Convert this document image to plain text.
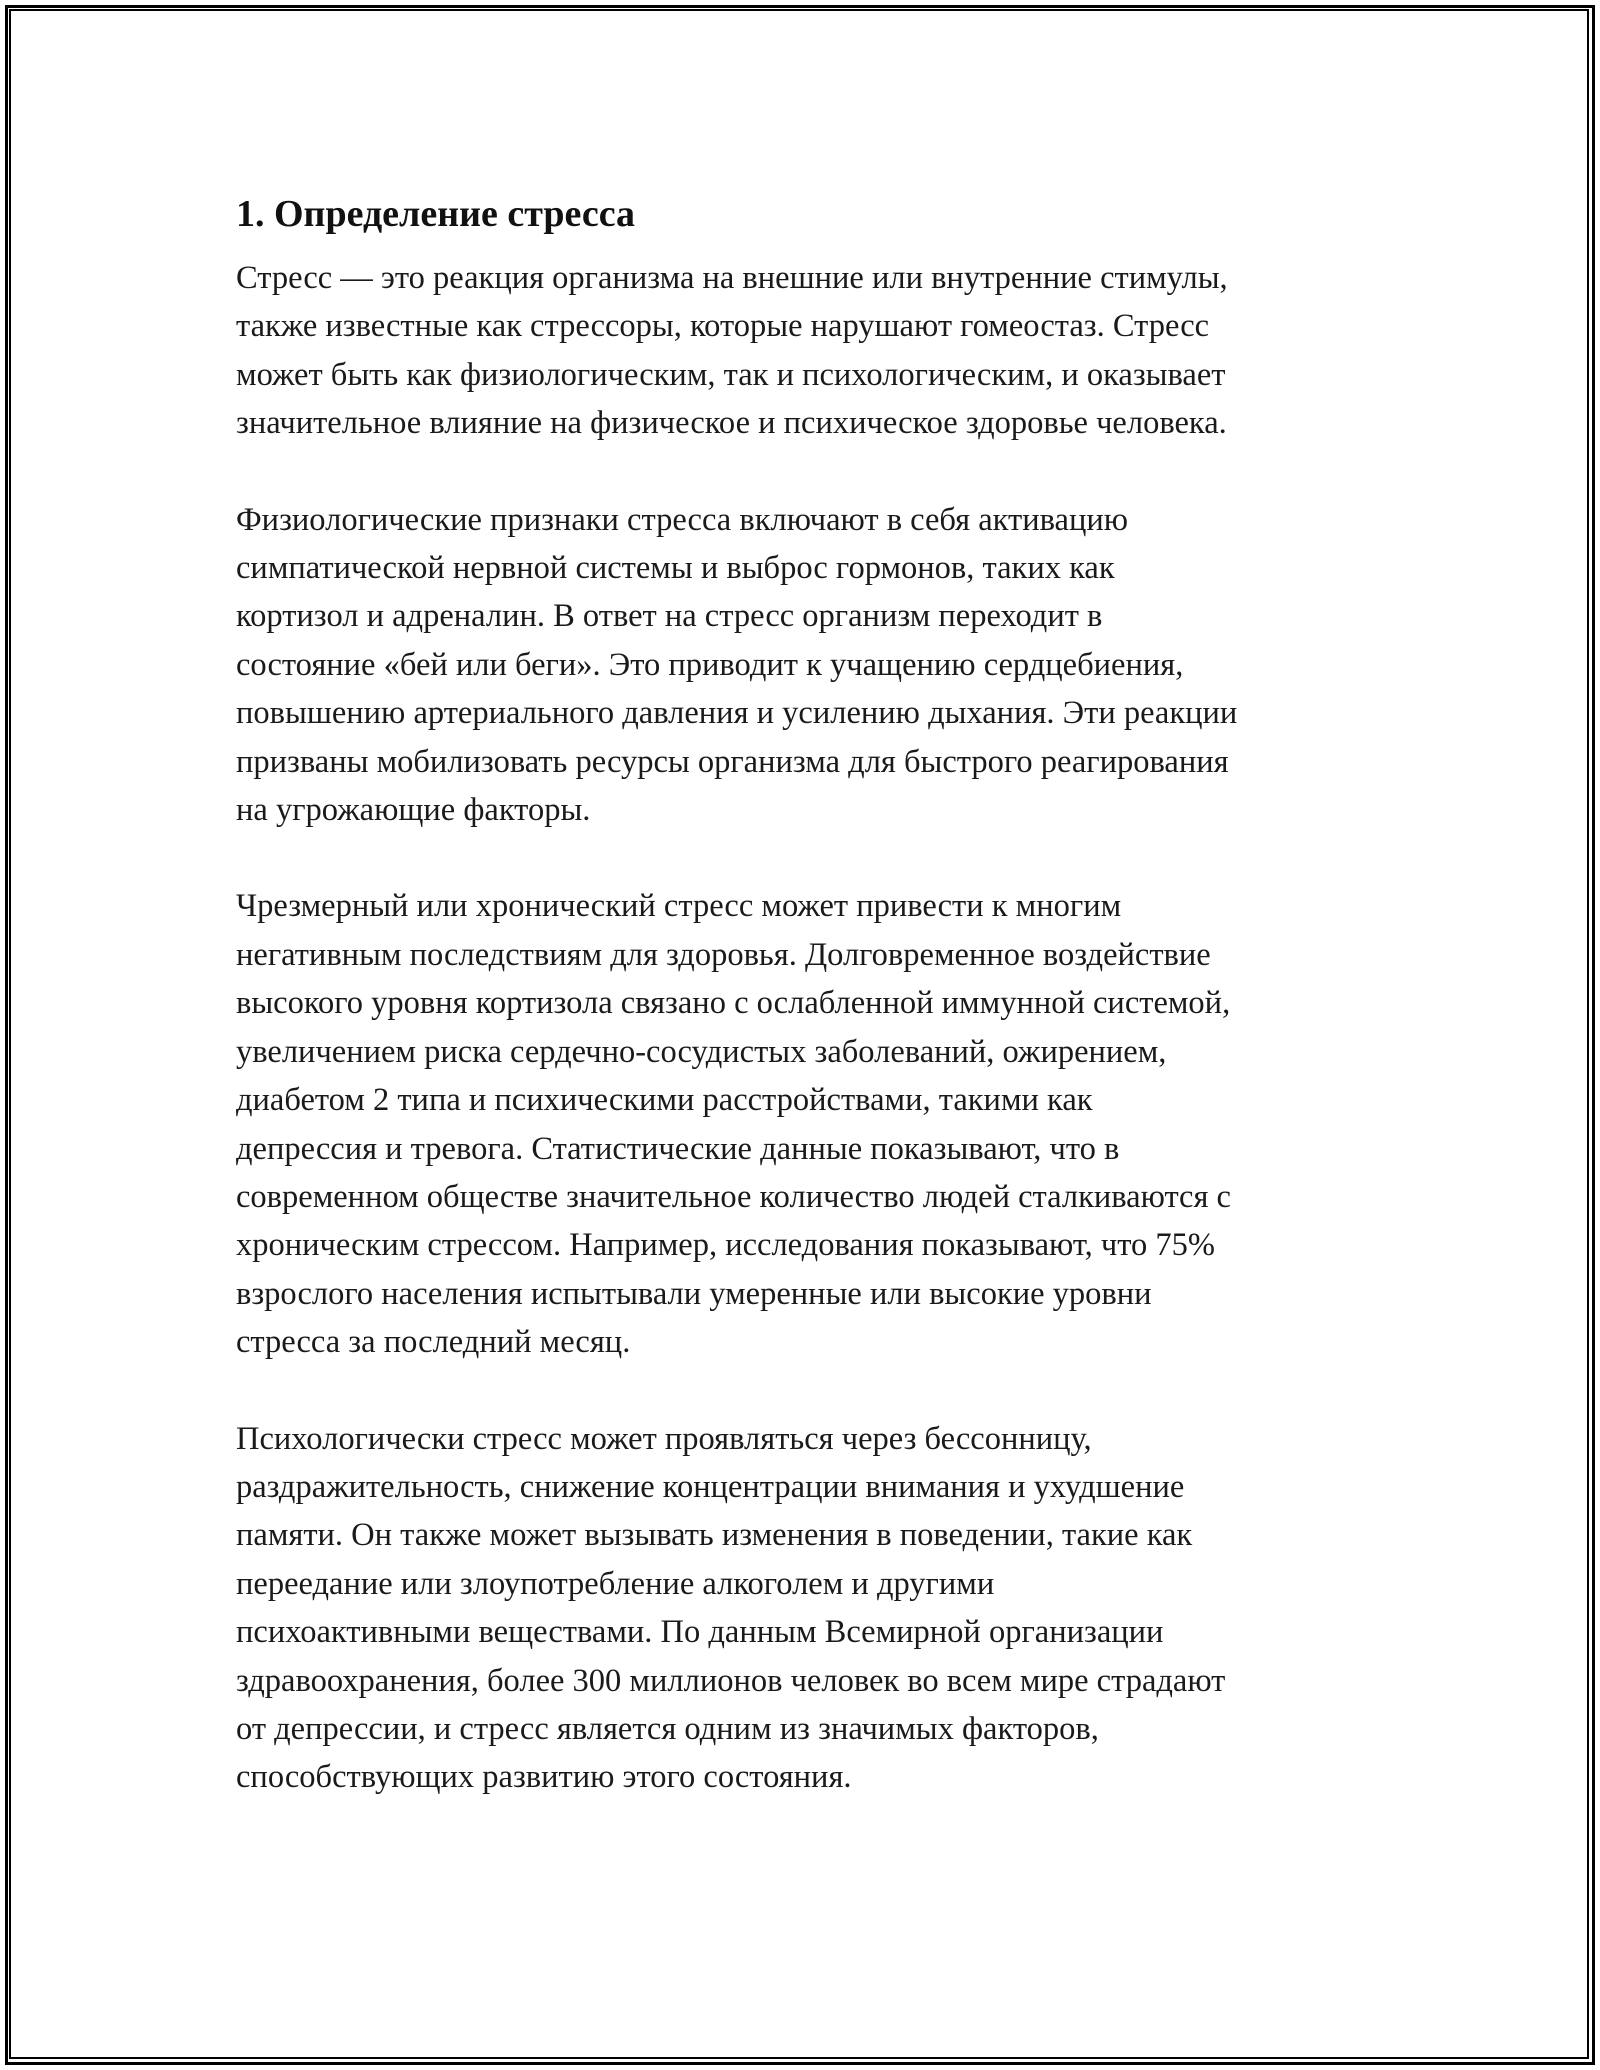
1. Определение стресса

Стресс — это реакция организма на внешние или внутренние стимулы,
также известные как стрессоры, которые нарушают гомеостаз. Стресс
может быть как физиологическим, так и психологическим, и оказывает
значительное влияние на физическое и психическое здоровье человека.

Физиологические признаки стресса включают в себя активацию
симпатической нервной системы и выброс гормонов, таких как
кортизол и адреналин. В ответ на стресс организм переходит в
состояние «бей или беги». Это приводит к учащению сердцебиения,
повышению артериального давления и усилению дыхания. Эти реакции
призваны мобилизовать ресурсы организма для быстрого реагирования
на угрожающие факторы.

Чрезмерный или хронический стресс может привести к многим
негативным последствиям для здоровья. Долговременное воздействие
высокого уровня кортизола связано с ослабленной иммунной системой,
увеличением риска сердечно-сосудистых заболеваний, ожирением,
диабетом 2 типа и психическими расстройствами, такими как
депрессия и тревога. Статистические данные показывают, что в
современном обществе значительное количество людей сталкиваются с
хроническим стрессом. Например, исследования показывают, что 75%
взрослого населения испытывали умеренные или высокие уровни
стресса за последний месяц.

Психологически стресс может проявляться через бессонницу,
раздражительность, снижение концентрации внимания и ухудшение
памяти. Он также может вызывать изменения в поведении, такие как
переедание или злоупотребление алкоголем и другими
психоактивными веществами. По данным Всемирной организации
здравоохранения, более 300 миллионов человек во всем мире страдают
от депрессии, и стресс является одним из значимых факторов,
способствующих развитию этого состояния.
